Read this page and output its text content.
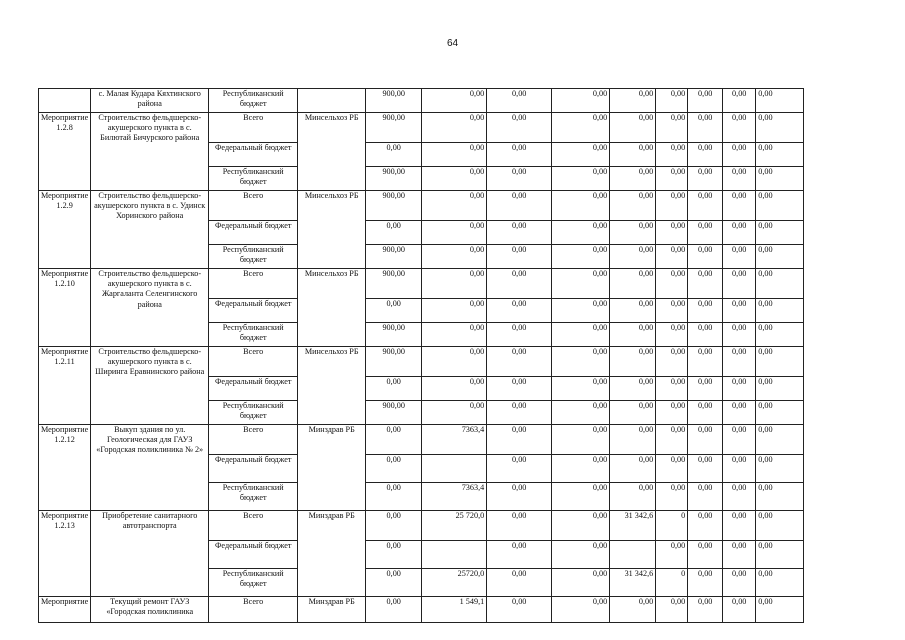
64
	с. Малая Кудара Кяхтинского района	Республиканский бюджет		900,00	0,00	0,00	0,00	0,00	0,00	0,00	0,00	0,00
Мероприятие 1.2.8	Строительство фельдшерско-акушерского пункта в с. Билютай Бичурского района	Всего	Минсельхоз РБ	900,00	0,00	0,00	0,00	0,00	0,00	0,00	0,00	0,00
		Федеральный бюджет		0,00	0,00	0,00	0,00	0,00	0,00	0,00	0,00	0,00
		Республиканский бюджет		900,00	0,00	0,00	0,00	0,00	0,00	0,00	0,00	0,00
Мероприятие 1.2.9	Строительство фельдшерско-акушерского пункта в с. Удинск Хоринского района	Всего	Минсельхоз РБ	900,00	0,00	0,00	0,00	0,00	0,00	0,00	0,00	0,00
		Федеральный бюджет		0,00	0,00	0,00	0,00	0,00	0,00	0,00	0,00	0,00
		Республиканский бюджет		900,00	0,00	0,00	0,00	0,00	0,00	0,00	0,00	0,00
Мероприятие 1.2.10	Строительство фельдшерско-акушерского пункта в с. Жаргаланта Селенгинского района	Всего	Минсельхоз РБ	900,00	0,00	0,00	0,00	0,00	0,00	0,00	0,00	0,00
		Федеральный бюджет		0,00	0,00	0,00	0,00	0,00	0,00	0,00	0,00	0,00
		Республиканский бюджет		900,00	0,00	0,00	0,00	0,00	0,00	0,00	0,00	0,00
Мероприятие 1.2.11	Строительство фельдшерско-акушерского пункта в с. Ширинга Еравнинского района	Всего	Минсельхоз РБ	900,00	0,00	0,00	0,00	0,00	0,00	0,00	0,00	0,00
		Федеральный бюджет		0,00	0,00	0,00	0,00	0,00	0,00	0,00	0,00	0,00
		Республиканский бюджет		900,00	0,00	0,00	0,00	0,00	0,00	0,00	0,00	0,00
Мероприятие 1.2.12	Выкуп здания по ул. Геологическая для ГАУЗ «Городская поликлиника № 2»	Всего	Минздрав РБ	0,00	7363,4	0,00	0,00	0,00	0,00	0,00	0,00	0,00
		Федеральный бюджет		0,00		0,00	0,00	0,00	0,00	0,00	0,00	0,00
		Республиканский бюджет		0,00	7363,4	0,00	0,00	0,00	0,00	0,00	0,00	0,00
Мероприятие 1.2.13	Приобретение санитарного автотранспорта	Всего	Минздрав РБ	0,00	25 720,0	0,00	0,00	31 342,6	0	0,00	0,00	0,00
		Федеральный бюджет		0,00		0,00	0,00		0,00	0,00	0,00	0,00
		Республиканский бюджет		0,00	25720,0	0,00	0,00	31 342,6	0	0,00	0,00	0,00
Мероприятие	Текущий ремонт ГАУЗ «Городская поликлиника	Всего	Минздрав РБ	0,00	1 549,1	0,00	0,00	0,00	0,00	0,00	0,00	0,00
